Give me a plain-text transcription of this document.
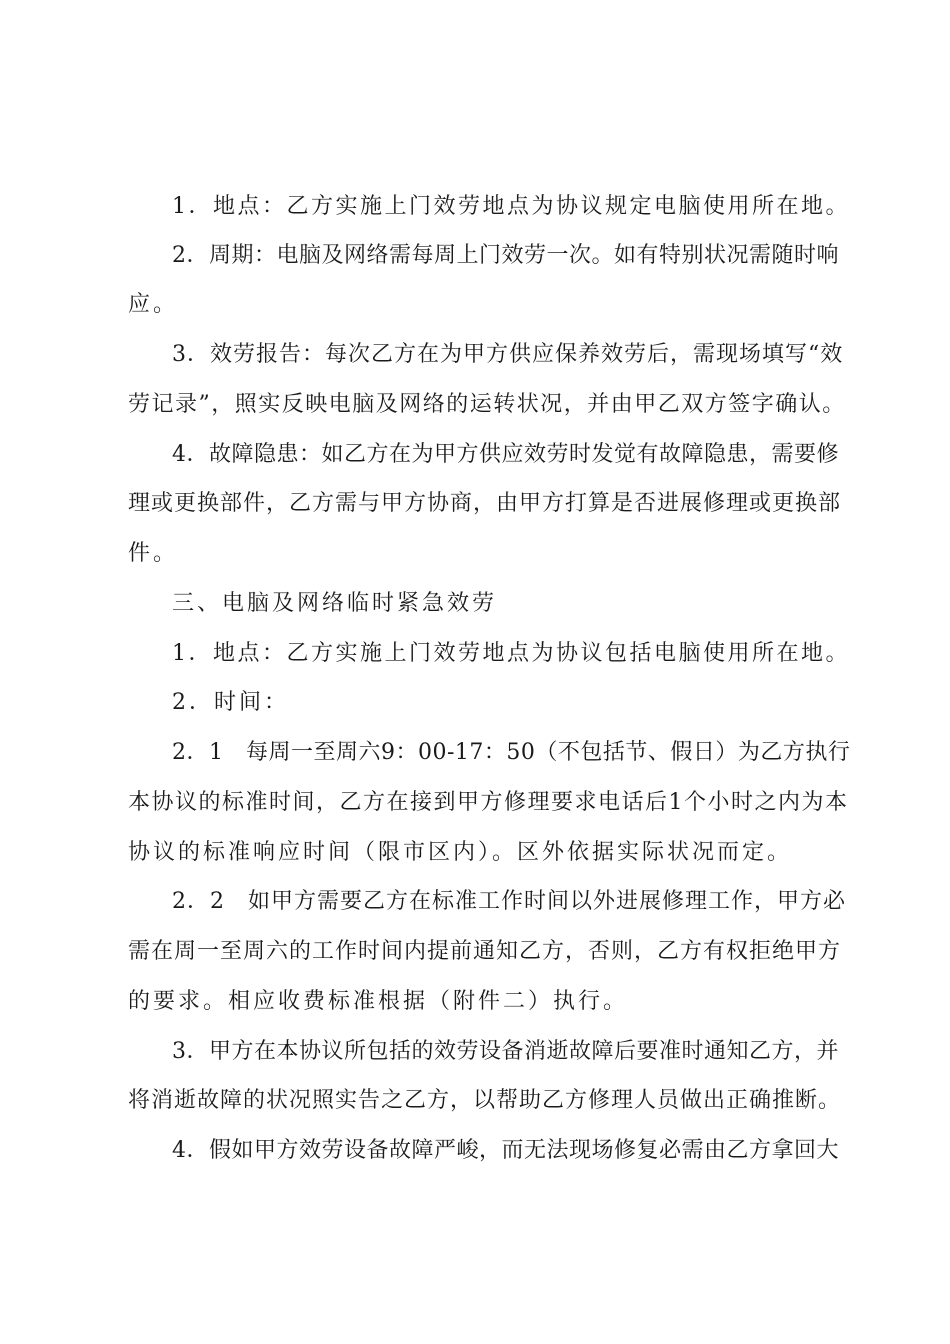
1．地点：乙方实施上门效劳地点为协议规定电脑使用所在地。
2．周期：电脑及网络需每周上门效劳一次。如有特别状况需随时响
应。
3．效劳报告：每次乙方在为甲方供应保养效劳后，需现场填写“效
劳记录”，照实反映电脑及网络的运转状况，并由甲乙双方签字确认。
4．故障隐患：如乙方在为甲方供应效劳时发觉有故障隐患，需要修
理或更换部件，乙方需与甲方协商，由甲方打算是否进展修理或更换部
件。
三、电脑及网络临时紧急效劳
1．地点：乙方实施上门效劳地点为协议包括电脑使用所在地。
2．时间：
2．1　每周一至周六9：00-17：50（不包括节、假日）为乙方执行
本协议的标准时间，乙方在接到甲方修理要求电话后1个小时之内为本
协议的标准响应时间（限市区内）。区外依据实际状况而定。
2．2　如甲方需要乙方在标准工作时间以外进展修理工作，甲方必
需在周一至周六的工作时间内提前通知乙方，否则，乙方有权拒绝甲方
的要求。相应收费标准根据（附件二）执行。
3．甲方在本协议所包括的效劳设备消逝故障后要准时通知乙方，并
将消逝故障的状况照实告之乙方，以帮助乙方修理人员做出正确推断。
4．假如甲方效劳设备故障严峻，而无法现场修复必需由乙方拿回大
